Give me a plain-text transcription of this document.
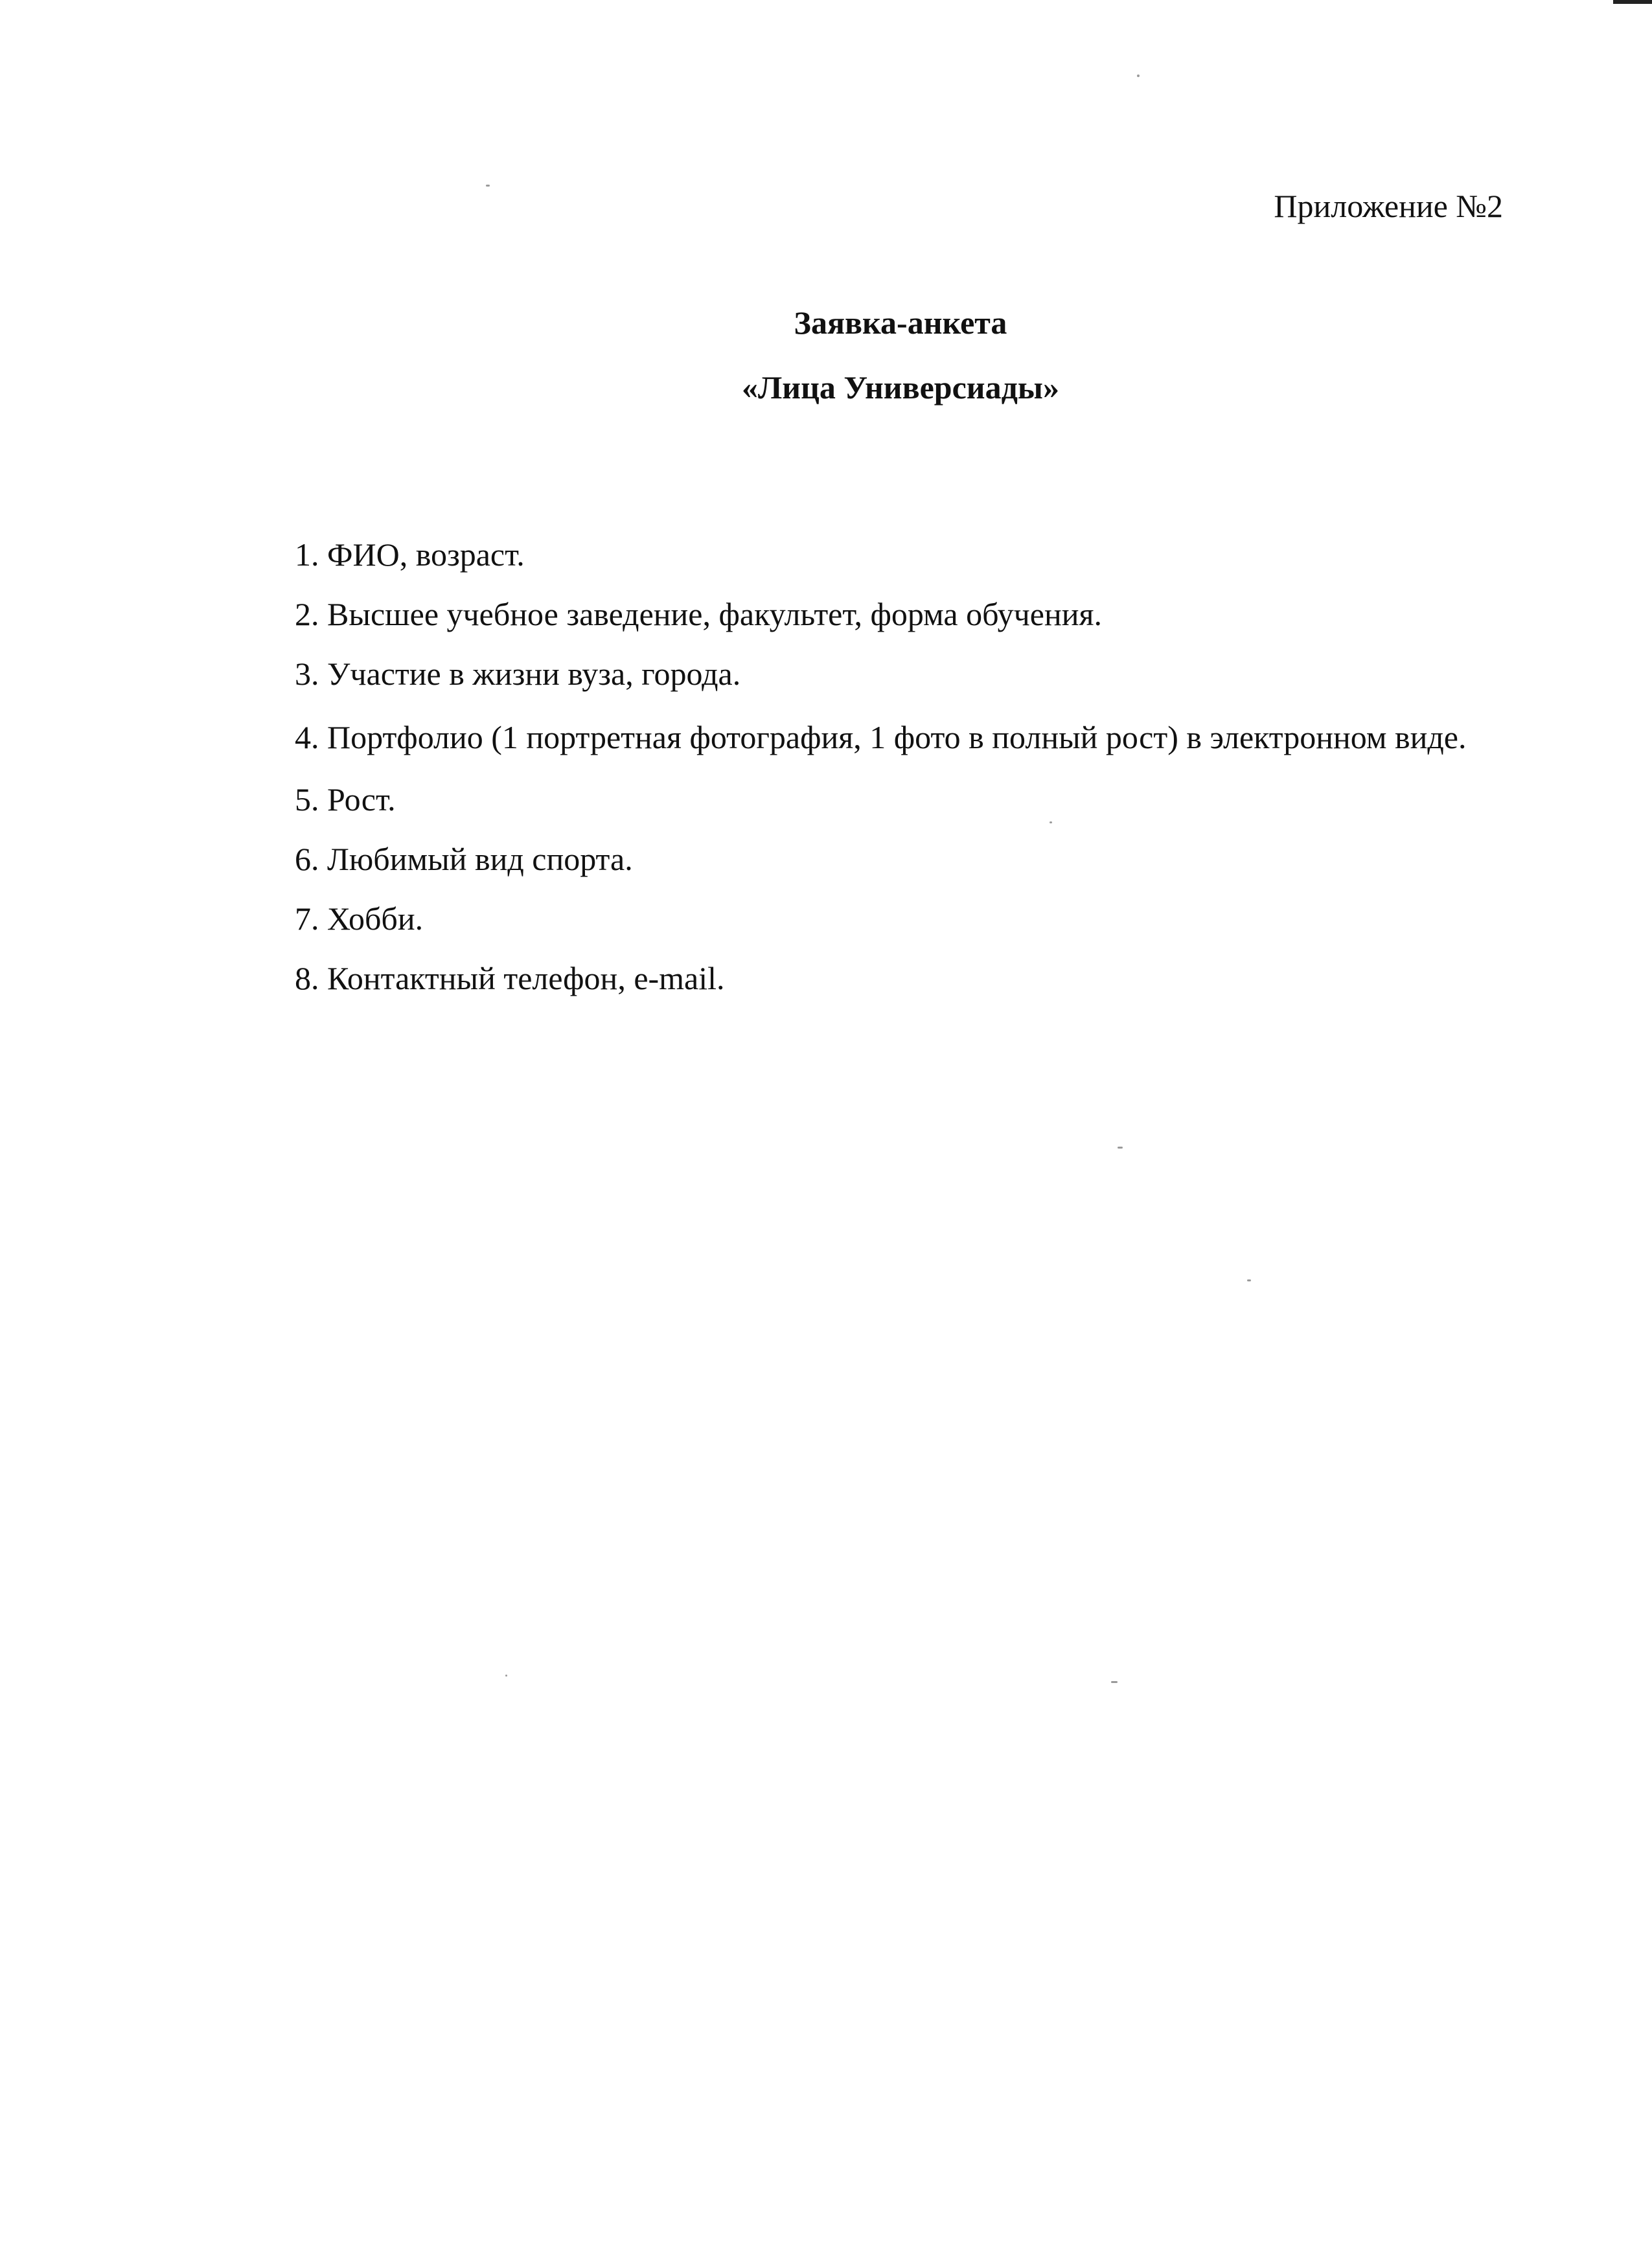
Приложение №2
Заявка-анкета
«Лица Универсиады»

1. ФИО, возраст.

2. Высшее учебное заведение, факультет, форма обучения.

3. Участие в жизни вуза, города.

4. Портфолио (1 портретная фотография, 1 фото в полный рост) в электронном виде.

5. Рост.

6. Любимый вид спорта.

7. Хобби.

8. Контактный телефон, e-mail.
